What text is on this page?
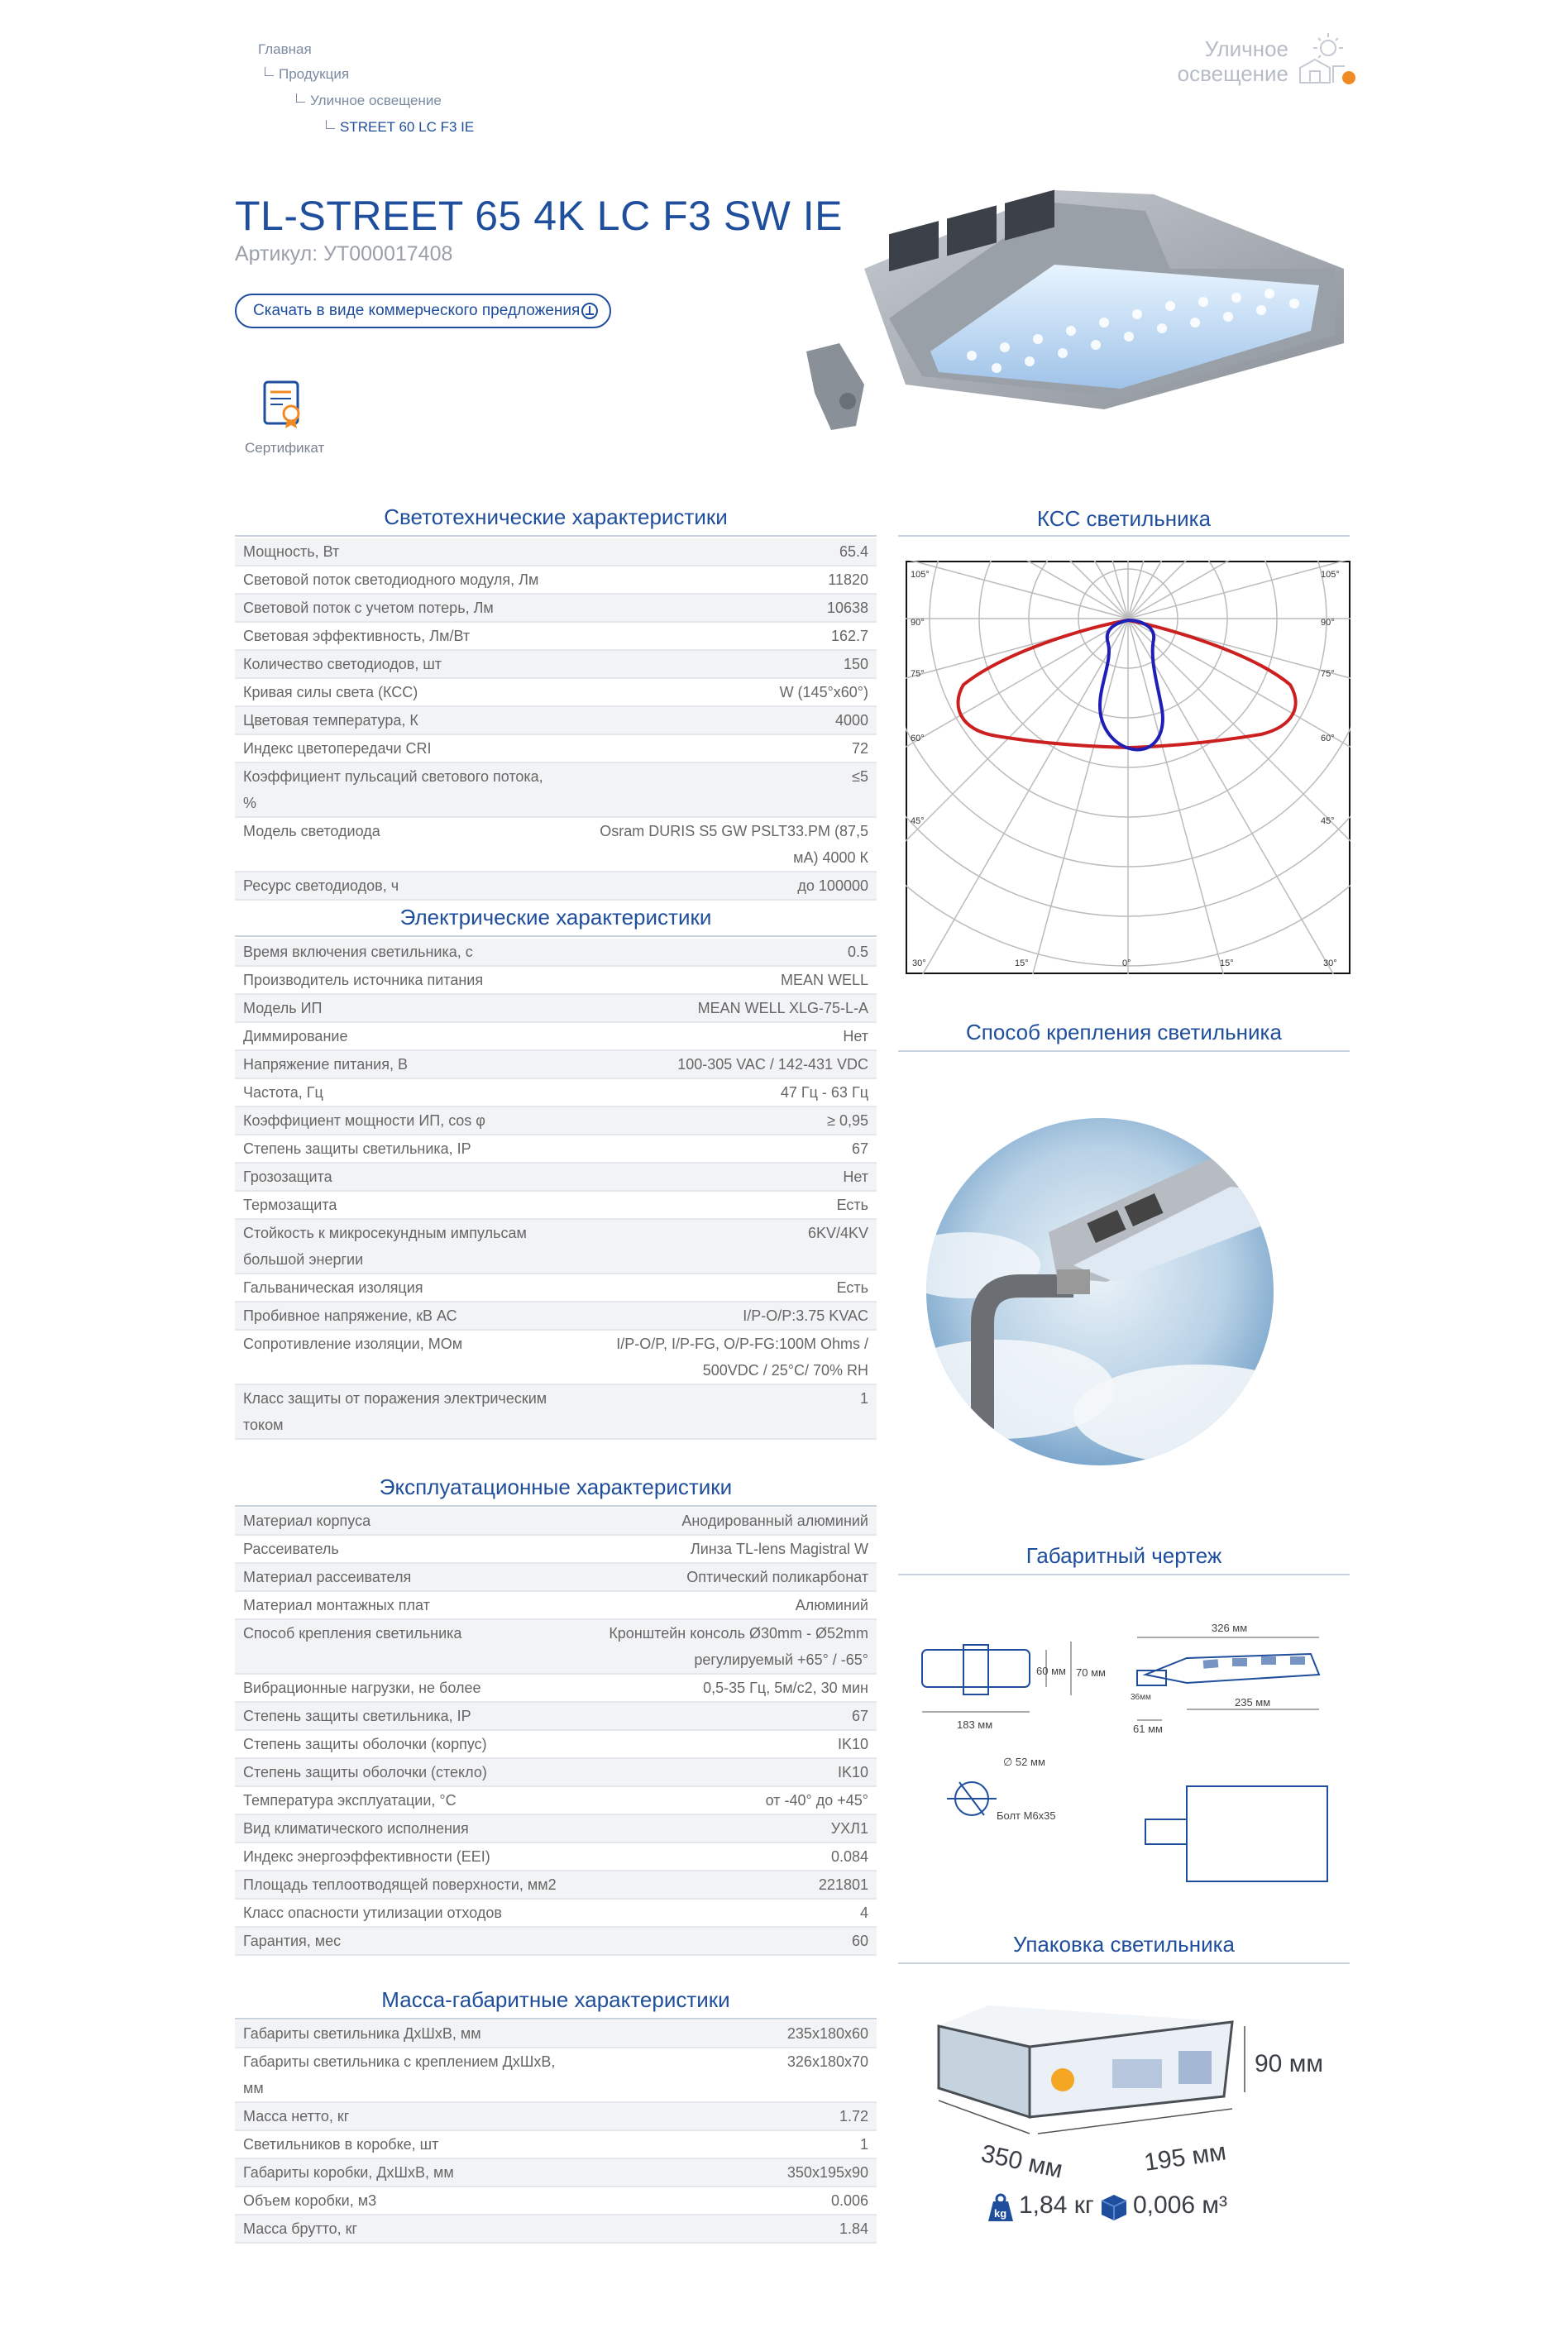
Главная
Продукция
Уличное освещение
STREET 60 LC F3 IE
Уличное
освещение
TL-STREET 65 4K LC F3 SW IE
Артикул: УТ000017408
Скачать в виде коммерческого предложения
Сертификат
Светотехнические характеристики
Мощность, Вт	65.4
Световой поток светодиодного модуля, Лм	11820
Световой поток с учетом потерь, Лм	10638
Световая эффективность, Лм/Вт	162.7
Количество светодиодов, шт	150
Кривая силы света (КСС)	W (145°х60°)
Цветовая температура, К	4000
Индекс цветопередачи CRI	72
Коэффициент пульсаций светового потока, %	≤5
Модель светодиода	Osram DURIS S5 GW PSLT33.PM (87,5 мА) 4000 К
Ресурс светодиодов, ч	до 100000
Электрические характеристики
Время включения светильника, с	0.5
Производитель источника питания	MEAN WELL
Модель ИП	MEAN WELL XLG-75-L-A
Диммирование	Нет
Напряжение питания, В	100-305 VAC / 142-431 VDC
Частота, Гц	47 Гц - 63 Гц
Коэффициент мощности ИП, cos φ	≥ 0,95
Степень защиты светильника, IP	67
Грозозащита	Нет
Термозащита	Есть
Стойкость к микросекундным импульсам большой энергии	6KV/4KV
Гальваническая изоляция	Есть
Пробивное напряжение, кВ АС	I/P-O/P:3.75 KVAC
Сопротивление изоляции, МОм	I/P-O/P, I/P-FG, O/P-FG:100M Ohms / 500VDC / 25°C/ 70% RH
Класс защиты от поражения электрическим током	1
Эксплуатационные характеристики
Материал корпуса	Анодированный алюминий
Рассеиватель	Линза TL-lens Magistral W
Материал рассеивателя	Оптический поликарбонат
Материал монтажных плат	Алюминий
Способ крепления светильника	Кронштейн консоль Ø30mm - Ø52mm регулируемый +65° / -65°
Вибрационные нагрузки, не более	0,5-35 Гц, 5м/с2, 30 мин
Степень защиты светильника, IP	67
Степень защиты оболочки (корпус)	IK10
Степень защиты оболочки (стекло)	IK10
Температура эксплуатации, °С	от -40° до +45°
Вид климатического исполнения	УХЛ1
Индекс энергоэффективности (EEI)	0.084
Площадь теплоотводящей поверхности, мм2	221801
Класс опасности утилизации отходов	4
Гарантия, мес	60
Масса-габаритные характеристики
Габариты светильника ДхШхВ, мм	235х180х60
Габариты светильника с креплением ДхШхВ, мм	326х180х70
Масса нетто, кг	1.72
Светильников в коробке, шт	1
Габариты коробки, ДхШхВ, мм	350х195х90
Объем коробки, м3	0.006
Масса брутто, кг	1.84
КСС светильника
105°
90°
75°
60°
45°
105°
90°
75°
60°
45°
30°	15°	0°	15°	30°
Способ крепления светильника
Габаритный чертеж
183 мм
60 мм 70 мм
326 мм
235 мм
61 мм
36мм
∅ 52 мм
Болт М6х35
Упаковка светильника
350 мм	195 мм
90 мм
kg 1,84 кг 0,006 м³
